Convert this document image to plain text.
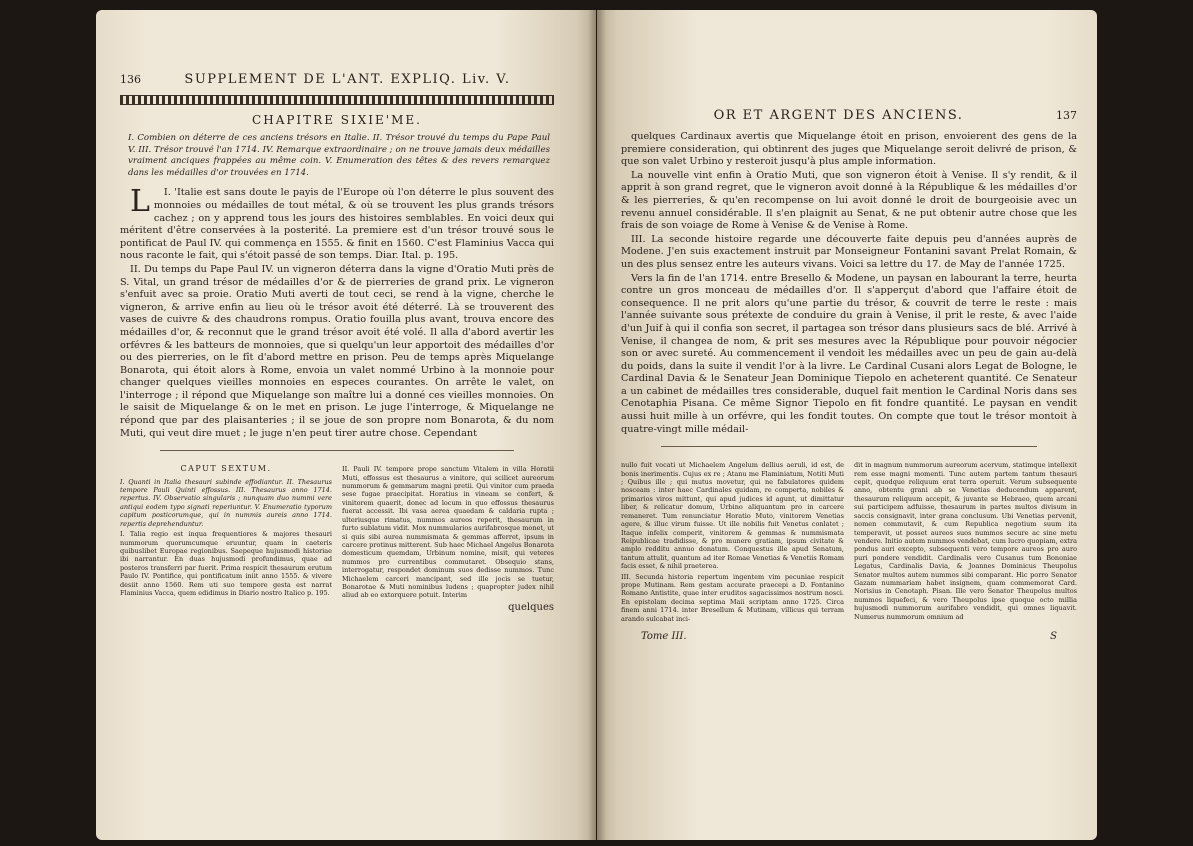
136	SUPPLEMENT DE L'ANT. EXPLIQ. Liv. V.
CHAPITRE SIXIE'ME.
I. Combien on déterre de ces anciens trésors en Italie. II. Trésor trouvé du temps du Pape Paul V. III. Trésor trouvé l'an 1714. IV. Remarque extraordinaire ; on ne trouve jamais deux médailles vraiment anciques frappées au même coin. V. Enumeration des têtes & des revers remarquez dans les médailles d'or trouvées en 1714.

L I. 'Italie est sans doute le payis de l'Europe où l'on déterre le plus souvent des monnoies ou médailles de tout métal, & où se trouvent les plus grands trésors cachez ; on y apprend tous les jours des histoires semblables. En voici deux qui méritent d'être conservées à la posterité. La premiere est d'un trésor trouvé sous le pontificat de Paul IV. qui commença en 1555. & finit en 1560. C'est Flaminius Vacca qui nous raconte le fait, qui s'étoit passé de son temps. Diar. Ital. p. 195.

II. Du temps du Pape Paul IV. un vigneron déterra dans la vigne d'Oratio Muti près de S. Vital, un grand trésor de médailles d'or & de pierreries de grand prix. Le vigneron s'enfuit avec sa proie. Oratio Muti averti de tout ceci, se rend à la vigne, cherche le vigneron, & arrive enfin au lieu où le trésor avoit été déterré. Là se trouverent des vases de cuivre & des chaudrons rompus. Oratio fouilla plus avant, trouva encore des médailles d'or, & reconnut que le grand trésor avoit été volé. Il alla d'abord avertir les orfévres & les batteurs de monnoies, que si quelqu'un leur apportoit des médailles d'or ou des pierreries, on le fît d'abord mettre en prison. Peu de temps après Miquelange Bonarota, qui étoit alors à Rome, envoia un valet nommé Urbino à la monnoie pour changer quelques vieilles monnoies en especes courantes. On arrête le valet, on l'interroge ; il répond que Miquelange son maître lui a donné ces vieilles monnoies. On le saisit de Miquelange & on le met en prison. Le juge l'interroge, & Miquelange ne répond que par des plaisanteries ; il se joue de son propre nom Bonarota, & du nom Muti, qui veut dire muet ; le juge n'en peut tirer autre chose. Cependant

CAPUT SEXTUM.

I. Quanti in Italia thesauri subinde effodiantur. II. Thesaurus tempore Pauli Quinti effossus. III. Thesaurus anno 1714. repertus. IV. Observatio singularis ; nunquam duo nummi vere antiqui eodem typo signati reperiuntur. V. Enumeratio typorum capitum posticorumque, qui in nummis aureis anno 1714. repertis deprehenduntur.

I. Talia regio est inqua frequentiores & majores thesauri nummorum quorumcumque eruuntur, quam in caeteris quibuslibet Europae regionibus. Saepeque hujusmodi historiae ibi narrantur. En duas hujusmodi profundimus, quae ad posteros transferri par fuerit. Prima respicit thesaurum erutum Paulo IV. Pontifice, qui pontificatum iniit anno 1555. & vivere desiit anno 1560. Rem uti suo tempore gesta est narrat Flaminius Vacca, quem edidimus in Diario nostro Italico p. 195.

II. Pauli IV. tempore prope sanctum Vitalem in villa Horatii Muti, effossus est thesaurus a vinitore, qui scilicet aureorum nummorum & gemmarum magni pretii. Qui vinitor cum praeda sese fugae praecipitat. Horatius in vineam se confert, & vinitorem quaerit, donec ad locum in quo effossus thesaurus fuerat accessit. Ibi vasa aerea quaedam & caldaria rupta ; ulteriusque rimatus, nummos aureos reperit, thesaurum in furto sublatum vidit. Mox nummularios aurifabrosque monet, ut si quis sibi aurea nummismata & gemmas afferret, ipsum in carcere protinus mitterent. Sub haec Michael Angelus Bonarota domesticum quemdam, Urbinum nomine, misit, qui veteres nummos pro currentibus commutaret. Obsequio stans, interrogatur, respondet dominum suos dedisse nummos. Tunc Michaelem carceri mancipant, sed ille jocis se tuetur, Bonarotae & Muti nominibus ludens ; quapropter judex nihil aliud ab eo extorquere potuit. Interim

quelques
OR ET ARGENT DES ANCIENS.	137

quelques Cardinaux avertis que Miquelange étoit en prison, envoierent des gens de la premiere consideration, qui obtinrent des juges que Miquelange seroit delivré de prison, & que son valet Urbino y resteroit jusqu'à plus ample information.

La nouvelle vint enfin à Oratio Muti, que son vigneron étoit à Venise. Il s'y rendit, & il apprit à son grand regret, que le vigneron avoit donné à la République & les médailles d'or & les pierreries, & qu'en recompense on lui avoit donné le droit de bourgeoisie avec un revenu annuel considérable. Il s'en plaignit au Senat, & ne put obtenir autre chose que les frais de son voiage de Rome à Venise & de Venise à Rome.

III. La seconde histoire regarde une découverte faite depuis peu d'années auprès de Modene. J'en suis exactement instruit par Monseigneur Fontanini savant Prelat Romain, & un des plus sensez entre les auteurs vivans. Voici sa lettre du 17. de May de l'année 1725.

Vers la fin de l'an 1714. entre Bresello & Modene, un paysan en labourant la terre, heurta contre un gros monceau de médailles d'or. Il s'apperçut d'abord que l'affaire étoit de consequence. Il ne prit alors qu'une partie du trésor, & couvrit de terre le reste : mais l'année suivante sous prétexte de conduire du grain à Venise, il prit le reste, & avec l'aide d'un Juif à qui il confia son secret, il partagea son trésor dans plusieurs sacs de blé. Arrivé à Venise, il changea de nom, & prit ses mesures avec la République pour pouvoir négocier son or avec sureté. Au commencement il vendoit les médailles avec un peu de gain au-delà du poids, dans la suite il vendit l'or à la livre. Le Cardinal Cusani alors Legat de Bologne, le Cardinal Davia & le Senateur Jean Dominique Tiepolo en acheterent quantité. Ce Senateur a un cabinet de médailles tres considerable, duquel fait mention le Cardinal Noris dans ses Cenotaphia Pisana. Ce même Signor Tiepolo en fit fondre quantité. Le paysan en vendit aussi huit mille à un orfévre, qui les fondit toutes. On compte que tout le trésor montoit à quatre-vingt mille médail-

nullo fuit vocati ut Michaelem Angelum dellius aeruli, id est, de bonis inerimentis. Cujus ex re ; Atanu me Flaminiatum, Notiti Muti ; Quibus ille ; qui mutus movetur, qui ne fabulatores quidem nosceam : inter haec Cardinales quidam, re comperta, nobiles & primarios viros mittunt, qui apud judices id agunt, ut dimittatur liber, & relicatur domum, Urbino aliquantum pro in carcere remaneret. Tum renunciatur Horatio Muto, vinitorem Venetias agere, & illuc virum fuisse. Ut ille nobilis fuit Venetus conlatet ; Itaque infelix comperit, vinitorem & gemmas & nummismata Reipublicae tradidisse, & pro munere gratiam, ipsum civitate & amplo redditu annuo donatum. Conquestus ille apud Senatum, tantum attulit, quantum ad iter Romae Venetias & Venetiis Romam facis esset, & nihil praeterea.

III. Secunda historia repertum ingentem vim pecuniae respicit prope Mutinam. Rem gestam accurate praecepi a D. Fontanino Romano Antistite, quae inter eruditos sagacissimos nostrum nosci. En epistolam decima septima Maii scriptam anno 1725. Circa finem anni 1714. inter Bresellum & Mutinam, villicus qui terram arando sulcabat inci-

dit in magnum nummorum aureorum acervum, statimque intellexit rem esse magni momenti. Tunc autem partem tantum thesauri cepit, quodque reliquum erat terra operuit. Verum subsequente anno, obtentu grani ab se Venetias deducendum apparent, thesaurum reliquum accepit, & juvante se Hebraeo, quem arcani sui participem adfuisse, thesaurum in partes multos divisum in saccis consignavit, inter grana conclusum. Ubi Venetias pervenit, nomen commutavit, & cum Republica negotium suum ita temperavit, ut posset aureos suos nummos secure ac sine metu vendere. Initio autem nummos vendebat, cum lucro quopiam, extra pondus auri excepto, subsequenti vero tempore aureos pro auro puri pondere vendidit. Cardinalis vero Cusanus tum Bononiae Legatus, Cardinalis Davia, & Joannes Dominicus Theupolus Senator multos autem nummos sibi comparant. Hic porro Senator Gazam nummariam habet insignem, quam commemorat Card. Norisius in Cenotaph. Pisan. Ille vero Senator Theupolus multos nummos liquefeci, & vero Theupolus ipse quoque octo millia hujusmodi nummorum aurifabro vendidit, qui omnes liquavit. Numerus nummorum omnium ad

Tome III.	S
